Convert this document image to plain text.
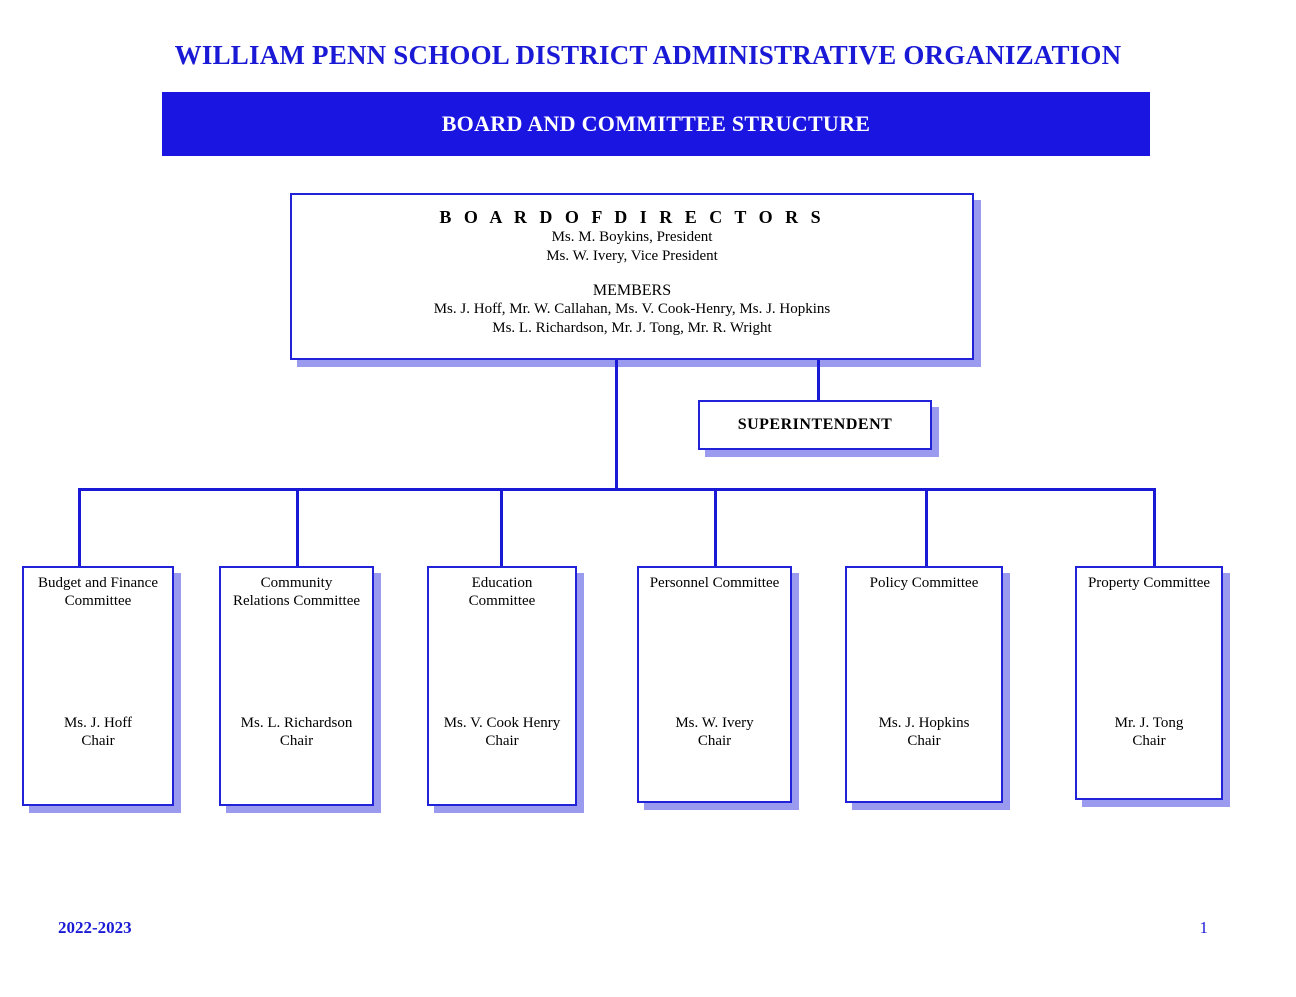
WILLIAM PENN SCHOOL DISTRICT ADMINISTRATIVE ORGANIZATION
BOARD AND COMMITTEE STRUCTURE
B O A R D O F D I R E C T O R S
Ms. M. Boykins, President
Ms. W. Ivery, Vice President
MEMBERS
Ms. J. Hoff, Mr. W. Callahan, Ms. V. Cook-Henry, Ms. J. Hopkins
Ms. L. Richardson, Mr. J. Tong, Mr. R. Wright
SUPERINTENDENT
Budget and Finance
Committee
Ms. J. Hoff
Chair
Community
Relations Committee
Ms. L. Richardson
Chair
Education
Committee
Ms. V. Cook Henry
Chair
Personnel Committee
Ms. W. Ivery
Chair
Policy Committee
Ms. J. Hopkins
Chair
Property Committee
Mr. J. Tong
Chair
2022-2023	1
